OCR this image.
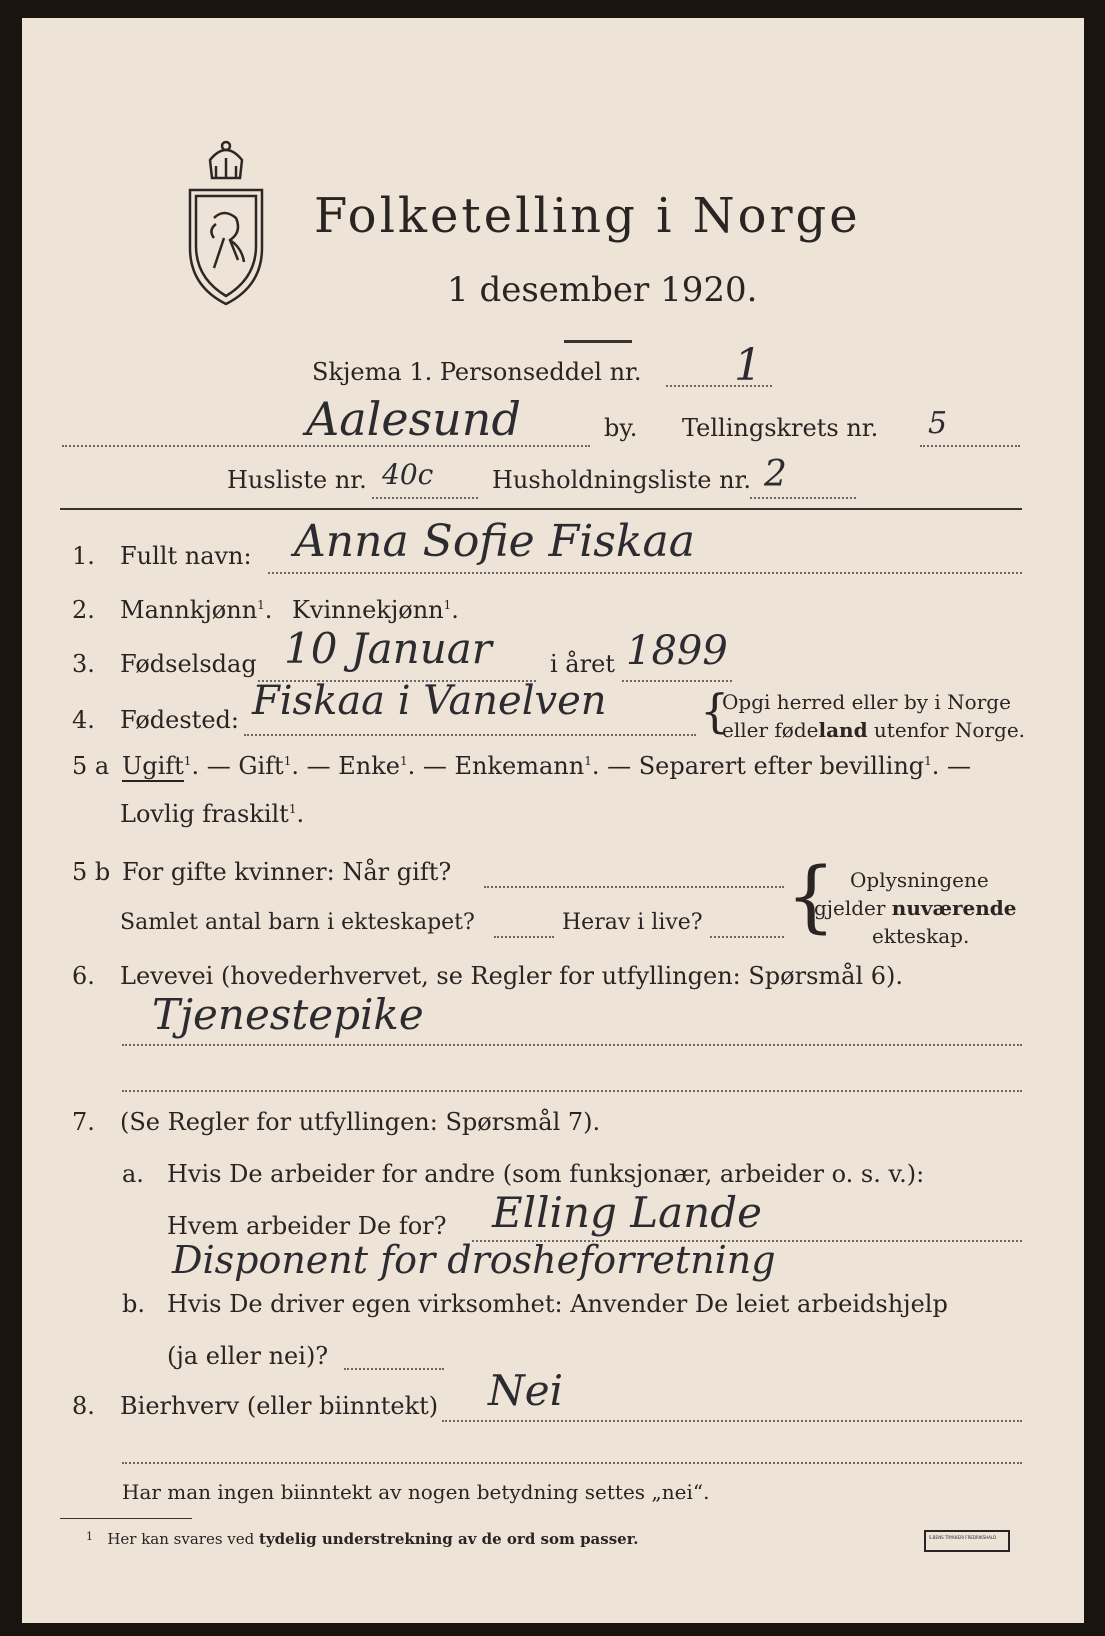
Folketelling i Norge
1 desember 1920.
Skjema 1. Personseddel nr. 1
Aalesund	by. Tellingskrets nr. 5
Husliste nr. 40c Husholdningsliste nr. 2
1. Fullt navn: Anna Sofie Fiskaa
2. Mannkjønn$^1$. Kvinnekjønn$^1$.
3. Fødselsdag 10 Januar i året 1899
4. Fødested: Fiskaa i Vanelven {
Opgi herred eller by i Norge
eller fødeland utenfor Norge.
5 a Ugift$^1$. — Gift$^1$. — Enke$^1$. — Enkemann$^1$. — Separert efter bevilling$^1$. —
Lovlig fraskilt$^1$.
5 b For gifte kvinner: Når gift?
Samlet antal barn i ekteskapet?	Herav i live? { Oplysningene
gjelder nuværende
ekteskap.
6. Levevei (hovederhvervet, se Regler for utfyllingen: Spørsmål 6).
Tjenestepike
7. (Se Regler for utfyllingen: Spørsmål 7).
a. Hvis De arbeider for andre (som funksjonær, arbeider o. s. v.):
Hvem arbeider De for? Elling Lande
Disponent for drosheforretning
b. Hvis De driver egen virksomhet: Anvender De leiet arbeidshjelp
(ja eller nei)?
8. Bierhverv (eller biinntekt) Nei
Har man ingen biinntekt av nogen betydning settes „nei“.
$^1$ Her kan svares ved tydelig understrekning av de ord som passer.	S.BENS TRYKKERI FREDRIKSHALD
